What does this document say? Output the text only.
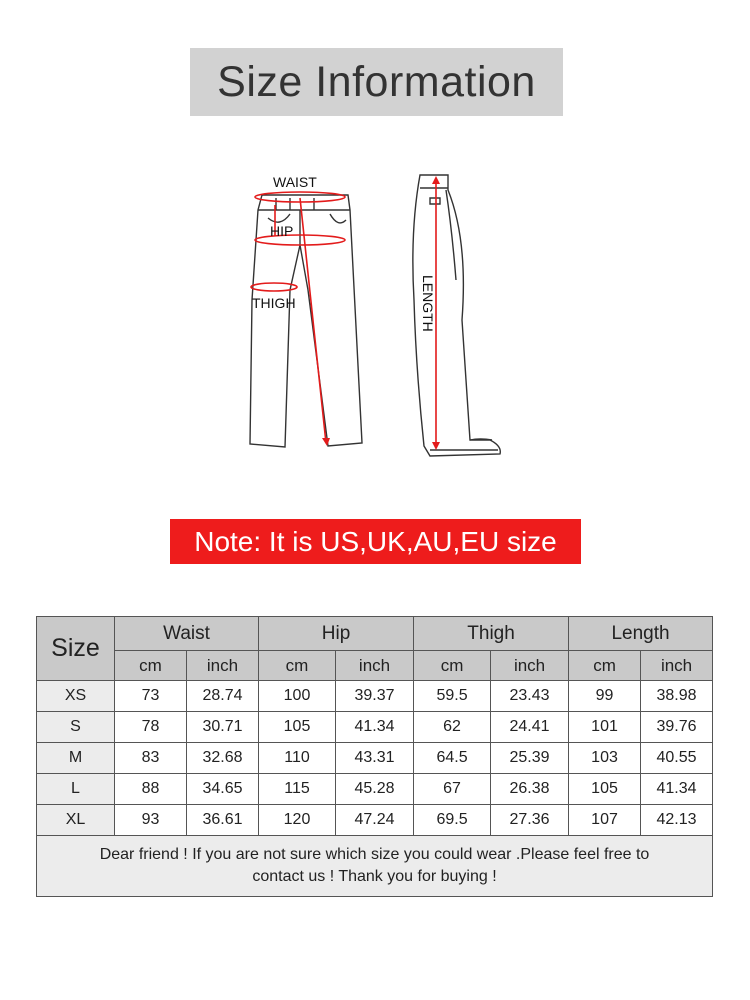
Size Information
WAIST
HIP
THIGH	LENGTH
Note: It is US,UK,AU,EU size
Size	Waist		Hip		Thigh		Length	
	cm	inch	cm	inch	cm	inch	cm	inch
XS	73	28.74	100	39.37	59.5	23.43	99	38.98
S	78	30.71	105	41.34	62	24.41	101	39.76
M	83	32.68	110	43.31	64.5	25.39	103	40.55
L	88	34.65	115	45.28	67	26.38	105	41.34
XL	93	36.61	120	47.24	69.5	27.36	107	42.13
Dear friend ! If you are not sure which size you could wear .Please feel free to contact us ! Thank you for buying !								
